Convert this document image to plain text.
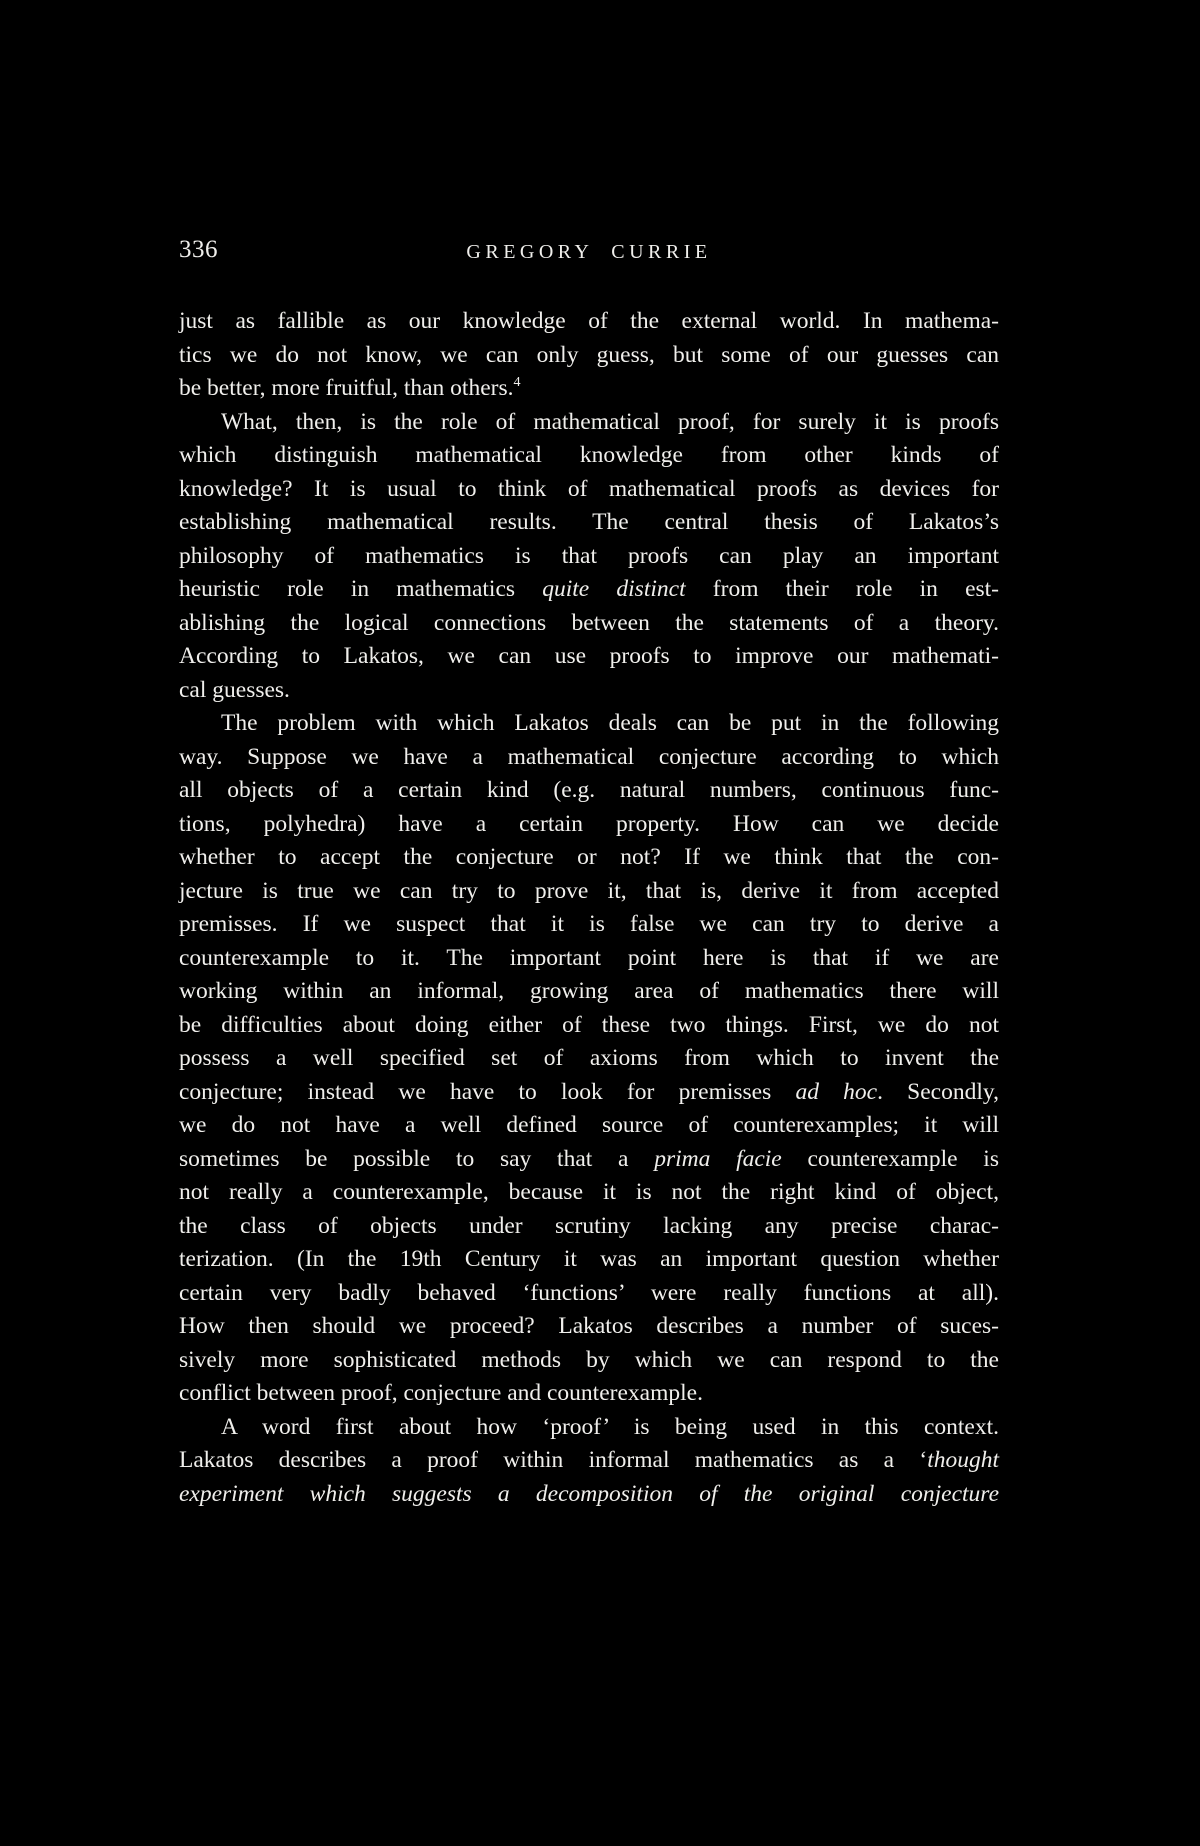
336	GREGORY CURRIE
just as fallible as our knowledge of the external world. In mathema-
tics we do not know, we can only guess, but some of our guesses can
be better, more fruitful, than others.$^4$
What, then, is the role of mathematical proof, for surely it is proofs
which distinguish mathematical knowledge from other kinds of
knowledge? It is usual to think of mathematical proofs as devices for
establishing mathematical results. The central thesis of Lakatos’s
philosophy of mathematics is that proofs can play an important
heuristic role in mathematics quite distinct from their role in est-
ablishing the logical connections between the statements of a theory.
According to Lakatos, we can use proofs to improve our mathemati-
cal guesses.
The problem with which Lakatos deals can be put in the following
way. Suppose we have a mathematical conjecture according to which
all objects of a certain kind (e.g. natural numbers, continuous func-
tions, polyhedra) have a certain property. How can we decide
whether to accept the conjecture or not? If we think that the con-
jecture is true we can try to prove it, that is, derive it from accepted
premisses. If we suspect that it is false we can try to derive a
counterexample to it. The important point here is that if we are
working within an informal, growing area of mathematics there will
be difficulties about doing either of these two things. First, we do not
possess a well specified set of axioms from which to invent the
conjecture; instead we have to look for premisses ad hoc. Secondly,
we do not have a well defined source of counterexamples; it will
sometimes be possible to say that a prima facie counterexample is
not really a counterexample, because it is not the right kind of object,
the class of objects under scrutiny lacking any precise charac-
terization. (In the 19th Century it was an important question whether
certain very badly behaved ‘functions’ were really functions at all).
How then should we proceed? Lakatos describes a number of suces-
sively more sophisticated methods by which we can respond to the
conflict between proof, conjecture and counterexample.
A word first about how ‘proof’ is being used in this context.
Lakatos describes a proof within informal mathematics as a ‘thought
experiment which suggests a decomposition of the original conjecture
